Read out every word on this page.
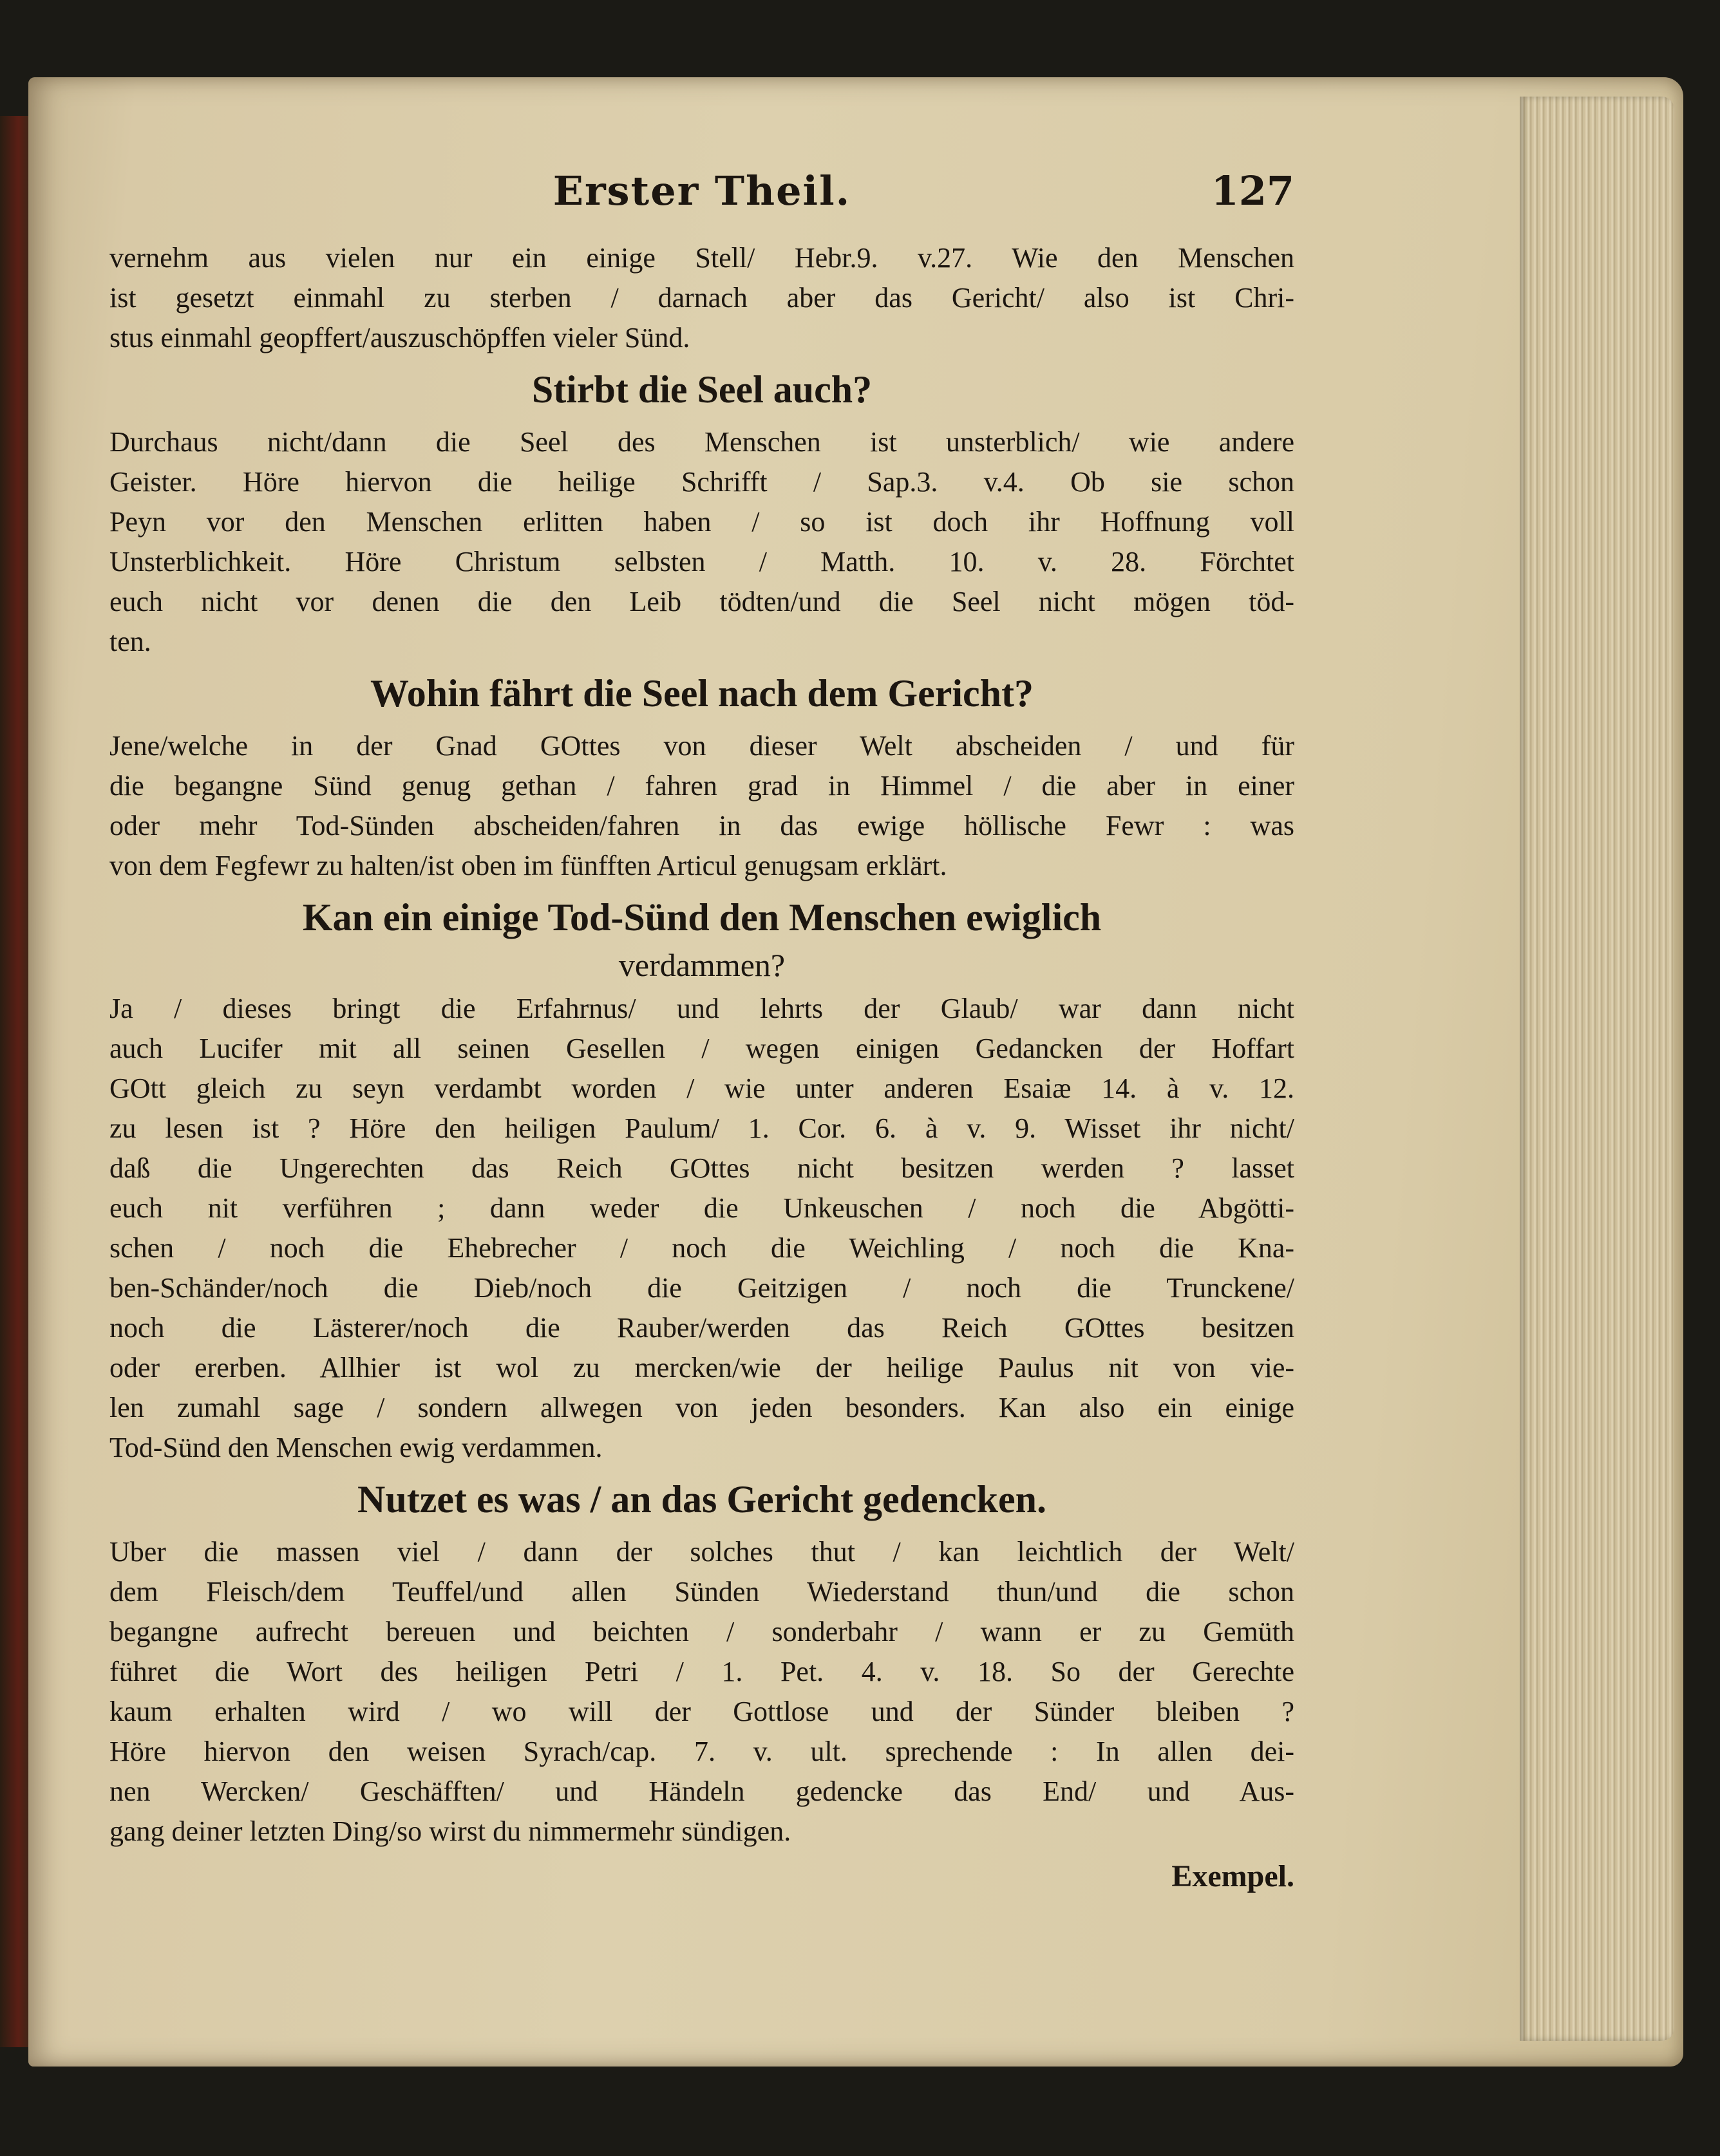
Erster Theil.	127
vernehm aus vielen nur ein einige Stell/ Hebr.9. v.27. Wie den Menschen
ist gesetzt einmahl zu sterben / darnach aber das Gericht/ also ist Chri-
stus einmahl geopffert/auszuschöpffen vieler Sünd.
Stirbt die Seel auch?
Durchaus nicht/dann die Seel des Menschen ist unsterblich/ wie andere
Geister. Höre hiervon die heilige Schrifft / Sap.3. v.4. Ob sie schon
Peyn vor den Menschen erlitten haben / so ist doch ihr Hoffnung voll
Unsterblichkeit. Höre Christum selbsten / Matth. 10. v. 28. Förchtet
euch nicht vor denen die den Leib tödten/und die Seel nicht mögen töd-
ten.
Wohin fährt die Seel nach dem Gericht?
Jene/welche in der Gnad GOttes von dieser Welt abscheiden / und für
die begangne Sünd genug gethan / fahren grad in Himmel / die aber in einer
oder mehr Tod-Sünden abscheiden/fahren in das ewige höllische Fewr : was
von dem Fegfewr zu halten/ist oben im fünfften Articul genugsam erklärt.
Kan ein einige Tod-Sünd den Menschen ewiglich
verdammen?
Ja / dieses bringt die Erfahrnus/ und lehrts der Glaub/ war dann nicht
auch Lucifer mit all seinen Gesellen / wegen einigen Gedancken der Hoffart
GOtt gleich zu seyn verdambt worden / wie unter anderen Esaiæ 14. à v. 12.
zu lesen ist ? Höre den heiligen Paulum/ 1. Cor. 6. à v. 9. Wisset ihr nicht/
daß die Ungerechten das Reich GOttes nicht besitzen werden ? lasset
euch nit verführen ; dann weder die Unkeuschen / noch die Abgötti-
schen / noch die Ehebrecher / noch die Weichling / noch die Kna-
ben-Schänder/noch die Dieb/noch die Geitzigen / noch die Trunckene/
noch die Lästerer/noch die Rauber/werden das Reich GOttes besitzen
oder ererben. Allhier ist wol zu mercken/wie der heilige Paulus nit von vie-
len zumahl sage / sondern allwegen von jeden besonders. Kan also ein einige
Tod-Sünd den Menschen ewig verdammen.
Nutzet es was / an das Gericht gedencken.
Uber die massen viel / dann der solches thut / kan leichtlich der Welt/
dem Fleisch/dem Teuffel/und allen Sünden Wiederstand thun/und die schon
begangne aufrecht bereuen und beichten / sonderbahr / wann er zu Gemüth
führet die Wort des heiligen Petri / 1. Pet. 4. v. 18. So der Gerechte
kaum erhalten wird / wo will der Gottlose und der Sünder bleiben ?
Höre hiervon den weisen Syrach/cap. 7. v. ult. sprechende : In allen dei-
nen Wercken/ Geschäfften/ und Händeln gedencke das End/ und Aus-
gang deiner letzten Ding/so wirst du nimmermehr sündigen.
Exempel.
